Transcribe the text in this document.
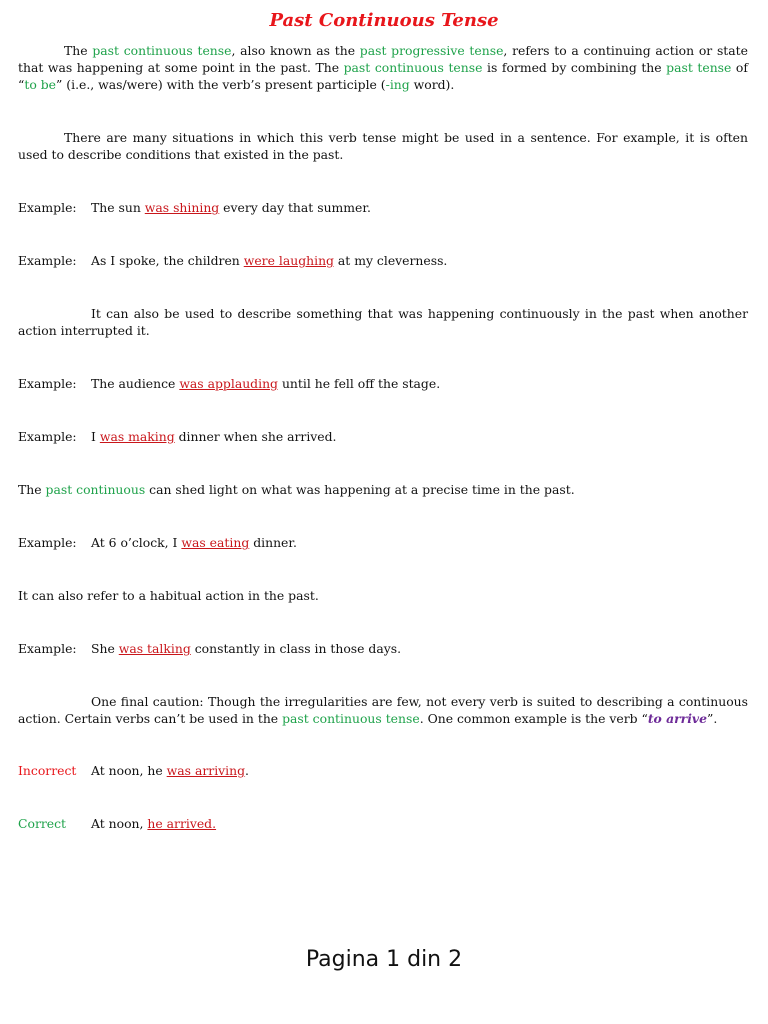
Past Continuous Tense

The past continuous tense, also known as the past progressive tense, refers to a continuing action or state that was happening at some point in the past. The past continuous tense is formed by combining the past tense of “to be” (i.e., was/were) with the verb’s present participle (-ing word).

There are many situations in which this verb tense might be used in a sentence. For example, it is often used to describe conditions that existed in the past.

Example: The sun was shining every day that summer.
Example: As I spoke, the children were laughing at my cleverness.

It can also be used to describe something that was happening continuously in the past when another action interrupted it.

Example: The audience was applauding until he fell off the stage.
Example: I was making dinner when she arrived.
The past continuous can shed light on what was happening at a precise time in the past.
Example: At 6 o’clock, I was eating dinner.
It can also refer to a habitual action in the past.
Example: She was talking constantly in class in those days.

One final caution: Though the irregularities are few, not every verb is suited to describing a continuous action. Certain verbs can’t be used in the past continuous tense. One common example is the verb “to arrive”.

Incorrect At noon, he was arriving.
Correct At noon, he arrived.
Pagina 1 din 2
